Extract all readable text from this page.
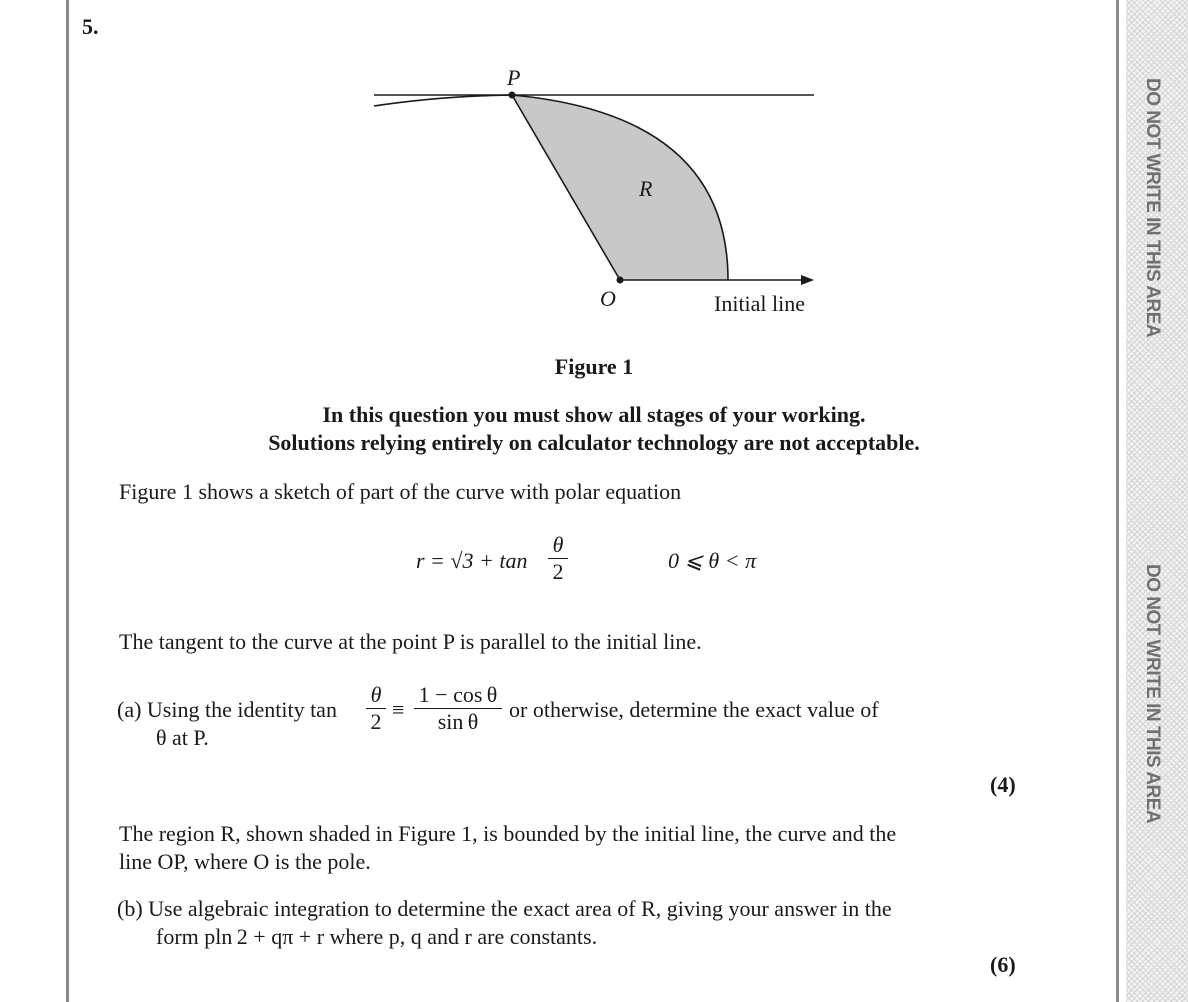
DO NOT WRITE IN THIS AREA
DO NOT WRITE IN THIS AREA
5.
P
R
O	Initial line
Figure 1
In this question you must show all stages of your working.
Solutions relying entirely on calculator technology are not acceptable.
Figure 1 shows a sketch of part of the curve with polar equation
$r = √3 + \tan \frac{\theta}{2}$	0 ⩽ θ < π
The tangent to the curve at the point P is parallel to the initial line.
(a) Using the identity $\tan \frac{\theta}{2} \equiv \frac{\text{1 − cos θ}}{\text{sin θ}}$ or otherwise, determine the exact value of
θ at P.
(4)
The region R, shown shaded in Figure 1, is bounded by the initial line, the curve and the
line OP, where O is the pole.
(b) Use algebraic integration to determine the exact area of R, giving your answer in the
form pln 2 + qπ + r where p, q and r are constants.
(6)
